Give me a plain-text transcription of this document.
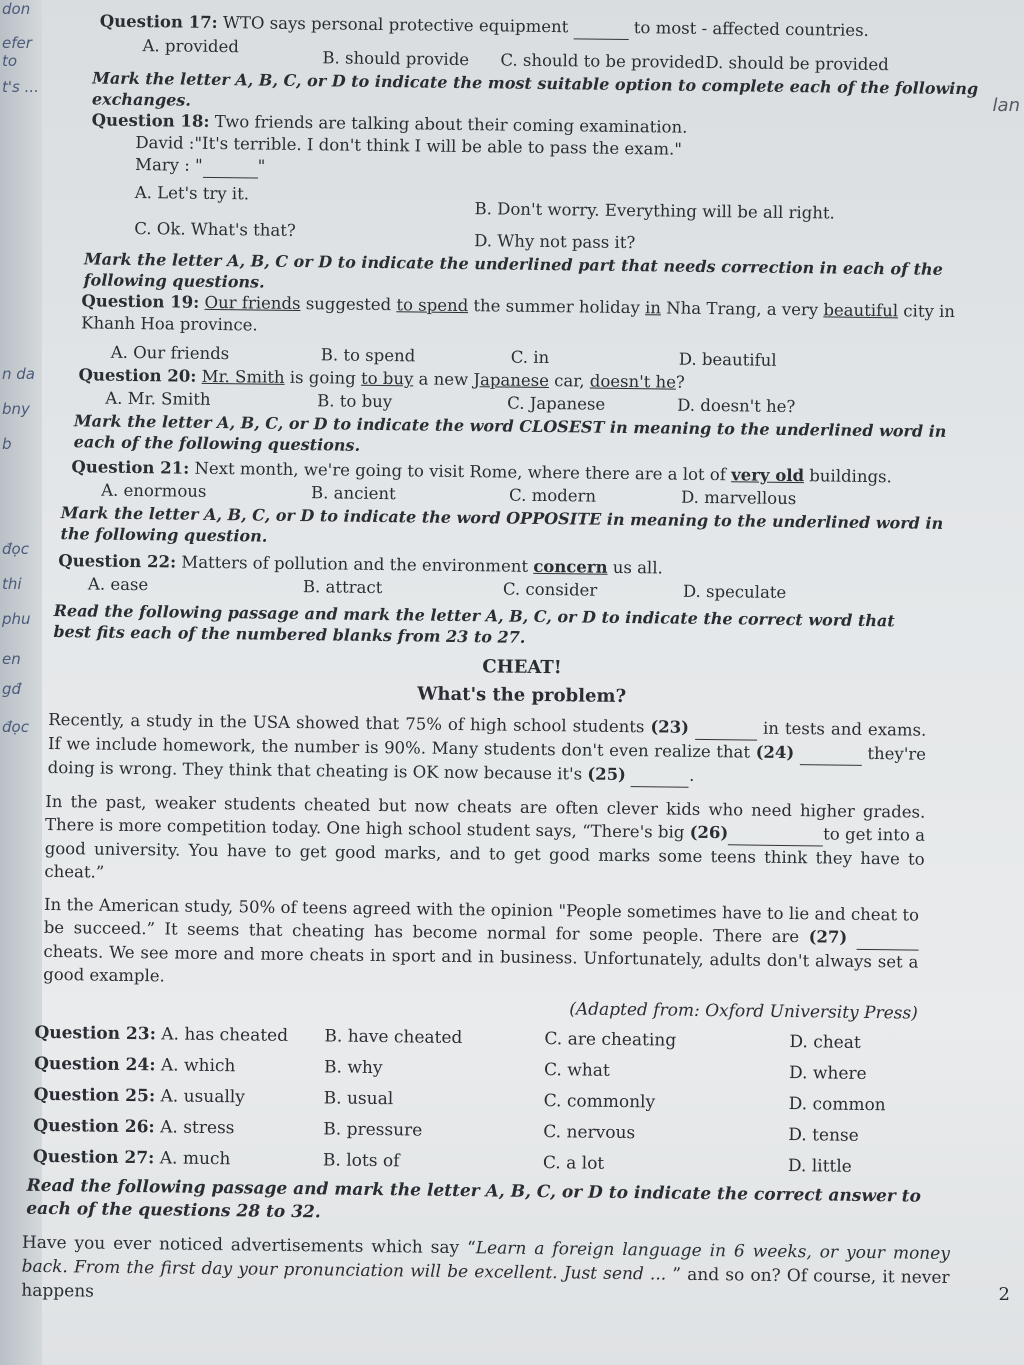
don
efer to
t's ...
n da
bny
b
đọc
thi
phu
en
gđ
đọc
lan
Question 17: WTO says personal protective equipment	to most - affected countries.
A. provided
B. should provide	C. should to be provided D. should be provided
Mark the letter A, B, C, or D to indicate the most suitable option to complete each of the following exchanges.
Question 18: Two friends are talking about their coming examination.
David :"It's terrible. I don't think I will be able to pass the exam."
Mary : "	"
A. Let's try it.
B. Don't worry. Everything will be all right.
C. Ok. What's that?
D. Why not pass it?
Mark the letter A, B, C or D to indicate the underlined part that needs correction in each of the following questions.
Question 19: Our friends suggested to spend the summer holiday in Nha Trang, a very beautiful city in Khanh Hoa province.
A. Our friends	B. to spend	C. in	D. beautiful
Question 20: Mr. Smith is going to buy a new Japanese car, doesn't he?
A. Mr. Smith	B. to buy	C. Japanese	D. doesn't he?
Mark the letter A, B, C, or D to indicate the word CLOSEST in meaning to the underlined word in each of the following questions.
Question 21: Next month, we're going to visit Rome, where there are a lot of very old buildings.
A. enormous	B. ancient	C. modern	D. marvellous
Mark the letter A, B, C, or D to indicate the word OPPOSITE in meaning to the underlined word in the following question.
Question 22: Matters of pollution and the environment concern us all.
A. ease	B. attract	C. consider	D. speculate
Read the following passage and mark the letter A, B, C, or D to indicate the correct word that best fits each of the numbered blanks from 23 to 27.
CHEAT!
What's the problem?
Recently, a study in the USA showed that 75% of high school students (23)	in tests and exams. If we include homework, the number is 90%. Many students don't even realize that (24)	they're doing is wrong. They think that cheating is OK now because it's (25)	.
In the past, weaker students cheated but now cheats are often clever kids who need higher grades. There is more competition today. One high school student says, “There's big (26)	to get into a good university. You have to get good marks, and to get good marks some teens think they have to cheat.”
In the American study, 50% of teens agreed with the opinion "People sometimes have to lie and cheat to be succeed.” It seems that cheating has become normal for some people. There are (27)   cheats. We see more and more cheats in sport and in business. Unfortunately, adults don't always set a good example.
(Adapted from: Oxford University Press)
Question 23: A. has cheated	B. have cheated	C. are cheating	D. cheat
Question 24: A. which	B. why	C. what	D. where
Question 25: A. usually	B. usual	C. commonly	D. common
Question 26: A. stress	B. pressure	C. nervous	D. tense
Question 27: A. much	B. lots of	C. a lot	D. little
Read the following passage and mark the letter A, B, C, or D to indicate the correct answer to each of the questions 28 to 32.
Have you ever noticed advertisements which say “Learn a foreign language in 6 weeks, or your money back. From the first day your pronunciation will be excellent. Just send ... ” and so on? Of course, it never happens	2
